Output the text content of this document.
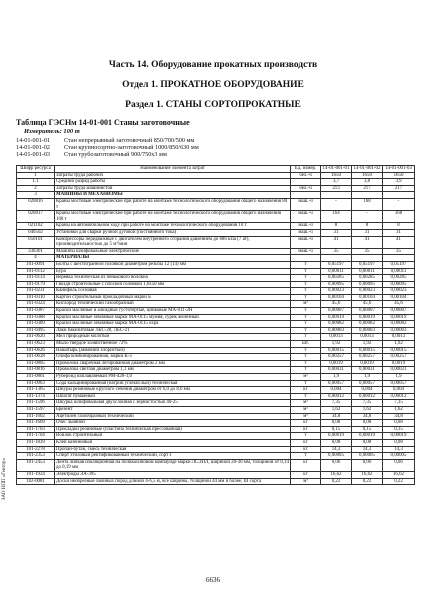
Часть 14. Оборудование прокатных производств
Отдел 1. ПРОКАТНОЕ ОБОРУДОВАНИЕ
Раздел 1. СТАНЫ СОРТОПРОКАТНЫЕ
Таблица ГЭСНм 14-01-001 Станы заготовочные
Измеритель: 100 т
14-01-001-01 Стан непрерывный заготовочный 850/700/500 мм
14-01-001-02 Стан крупносортно-заготовочный 1000/850/630 мм
14-01-001-03 Стан трубозаготовочный 900/750x3 мм
Шифр ресурса	Наименование элемента затрат	Ед. измер.	14-01-001-01	14-01-001-02	14-01-001-03
1	Затраты труда рабочих	чел.-ч	1650	1650	1650
1.1	Средний разряд работы		3,7	3,8	3,9
2	Затраты труда машинистов	чел.-ч	213	217	217
3	МАШИНЫ И МЕХАНИЗМЫ				
020816	Краны мостовые электрические при работе на монтаже технологического оборудования общего назначения 80 т	маш.-ч	-	168	-
020817	Краны мостовые электрические при работе на монтаже технологического оборудования общего назначения 100 т	маш.-ч	164	-	168
021102	Краны на автомобильном ходу при работе на монтаже технологического оборудования 10 т	маш.-ч	8	8	8
040502	Установки для сварки ручной дуговой (постоянного тока)	маш.-ч	31	31	31
050101	Компрессоры передвижные с двигателем внутреннего сгорания давлением до 686 кПа (7 ат), производительностью до 5 м³/мин	маш.-ч	41	41	41
330301	Машины шлифовальные электрические	маш.-ч	35	35	35
4	МАТЕРИАЛЫ				
101-0091	Болты с шестигранной головкой диаметром резьбы 12 (14) мм	т	0,05197	0,05197	0,05197
101-0112	Бура	т	0,00011	0,00011	0,00011
101-0114	Веревка техническая из пенькового волокна	т	0,00285	0,00285	0,00285
101-0179	Гвозди строительные с плоской головкой 1,6х50 мм	т	0,00095	0,00095	0,00095
101-0231	Канифоль сосновая	т	0,00023	0,00023	0,00023
101-0310	Картон строительный прокладочный марки Б	т	0,00104	0,00104	0,00104
101-0324	Кислород технический газообразный	м³	45,6	45,6	45,6
101-0387	Краски масляные и алкидные густотертые, цинковые МА-011-2Н	т	0,00007	0,00007	0,00007
101-0388	Краски масляные земляные марки МА-0115 мумия, сурик железный	т	0,00019	0,00019	0,00019
101-0389	Краски масляные земляные марки МА-0115 охра	т	0,00082	0,00082	0,00082
101-0495	Лаки бакелитовые ЛБС-20, ЛБС-21	т	0,00003	0,00003	0,00003
101-0620	Мел природный молотый	т	0,0013	0,0013	0,0013
101-0623	Мыло твердое хозяйственное 72%	шт.	1,92	1,92	1,92
101-0626	Нашатырь (аммоний хлористый)	т	0,00015	0,00015	0,00015
101-0628	Олифа комбинированная, марки К-3	т	0,00257	0,00257	0,00257
101-0805	Проволока сварочная легированная диаметром 2 мм	т	0,0019	0,0019	0,0019
101-0816	Проволока светлая диаметром 1,1 мм	т	0,00031	0,00031	0,00031
101-0861	Рубероид наплавляемый РМ-420-1,0	м²	1,9	1,9	1,9
101-0963	Сода кальцинированная (натрий углекислый) техническая	т	0,00057	0,00057	0,00057
101-1365	Шнуры резиновые круглого сечения диаметром от 6,0 до 8,0 мм	кг	0,004	0,004	0,004
101-1374	Шпагат бумажный	т	0,00012	0,00012	0,00012
101-1596	Шкурка шлифовальная двухслойная с зернистостью 40-25	м²	7,35	7,35	7,35
101-1597	Брезент	м²	1,62	1,62	1,62
101-1602	Ацетилен газообразный технический	м³	34,8	34,8	34,8
101-1669	Очес льняной	кг	0,08	0,08	0,08
101-1703	Прокладки резиновые (пластина техническая прессованная)	кг	0,15	0,15	0,15
101-1704	Войлок строительный	т	0,00019	0,00019	0,00019
101-1839	Клей казеиновый	кг	0,08	0,08	0,08
101-2278	Пропан-бутан, смесь техническая	кг	14,3	14,3	14,3
101-2353	Спирт этиловый ректификованный технический, сорт I	т	0,00005	0,00005	0,00005
101-2453	Лента липкая изоляционная на поликасиновом компаунде марки ЛСЭПЛ, шириной 20-30 мм, толщиной от 0,14 до 0,19 мм	кг	0,06	0,06	0,06
101-1924	Электроды ЭА-395	кг	16,62	16,62	16,62
102-0081	Доски необрезные хвойных пород длиной 4-6,5 м, все ширины, толщиной 44 мм и более, III сорта	м³	0,22	0,22	0,22
ЗАО НПП «Гектор»
6636
